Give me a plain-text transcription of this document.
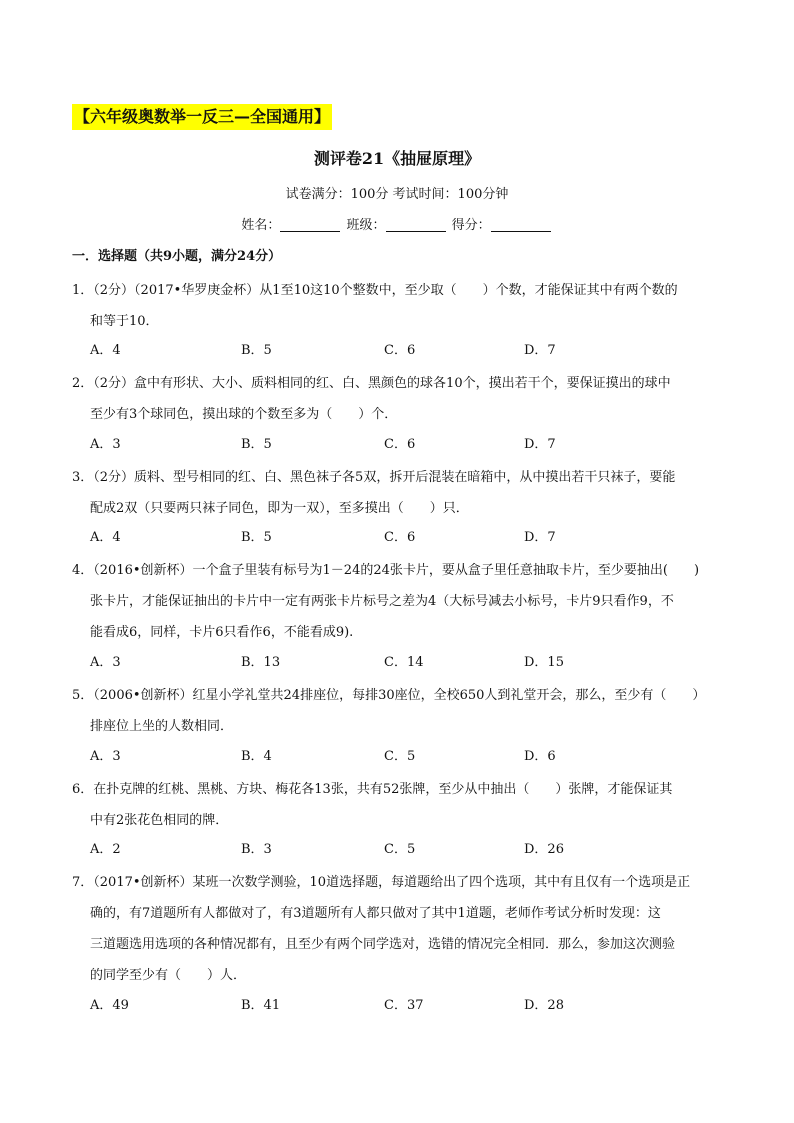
【六年级奥数举一反三—全国通用】
测评卷21《抽屉原理》
试卷满分：100分 考试时间：100分钟
姓名：	班级：	得分：
一．选择题（共9小题，满分24分）
1．（2分）（2017•华罗庚金杯）从1至10这10个整数中，至少取（　　）个数，才能保证其中有两个数的
和等于10．
A．4	B．5	C．6	D．7
2．（2分）盒中有形状、大小、质料相同的红、白、黑颜色的球各10个，摸出若干个，要保证摸出的球中
至少有3个球同色，摸出球的个数至多为（　　）个．
A．3	B．5	C．6	D．7
3．（2分）质料、型号相同的红、白、黑色袜子各5双，拆开后混装在暗箱中，从中摸出若干只袜子，要能
配成2双（只要两只袜子同色，即为一双），至多摸出（　　）只．
A．4	B．5	C．6	D．7
4．（2016•创新杯）一个盒子里装有标号为1－24的24张卡片，要从盒子里任意抽取卡片，至少要抽出(　　)
张卡片，才能保证抽出的卡片中一定有两张卡片标号之差为4（大标号减去小标号，卡片9只看作9，不
能看成6，同样，卡片6只看作6，不能看成9).
A．3	B．13	C．14	D．15
5．（2006•创新杯）红星小学礼堂共24排座位，每排30座位，全校650人到礼堂开会，那么，至少有（　　）
排座位上坐的人数相同．
A．3	B．4	C．5	D．6
6．在扑克牌的红桃、黑桃、方块、梅花各13张，共有52张牌，至少从中抽出（　　）张牌，才能保证其
中有2张花色相同的牌．
A．2	B．3	C．5	D．26
7．（2017•创新杯）某班一次数学测验，10道选择题，每道题给出了四个选项，其中有且仅有一个选项是正
确的，有7道题所有人都做对了，有3道题所有人都只做对了其中1道题，老师作考试分析时发现：这
三道题选用选项的各种情况都有，且至少有两个同学选对，选错的情况完全相同．那么，参加这次测验
的同学至少有（　　）人．
A．49	B．41	C．37	D．28
